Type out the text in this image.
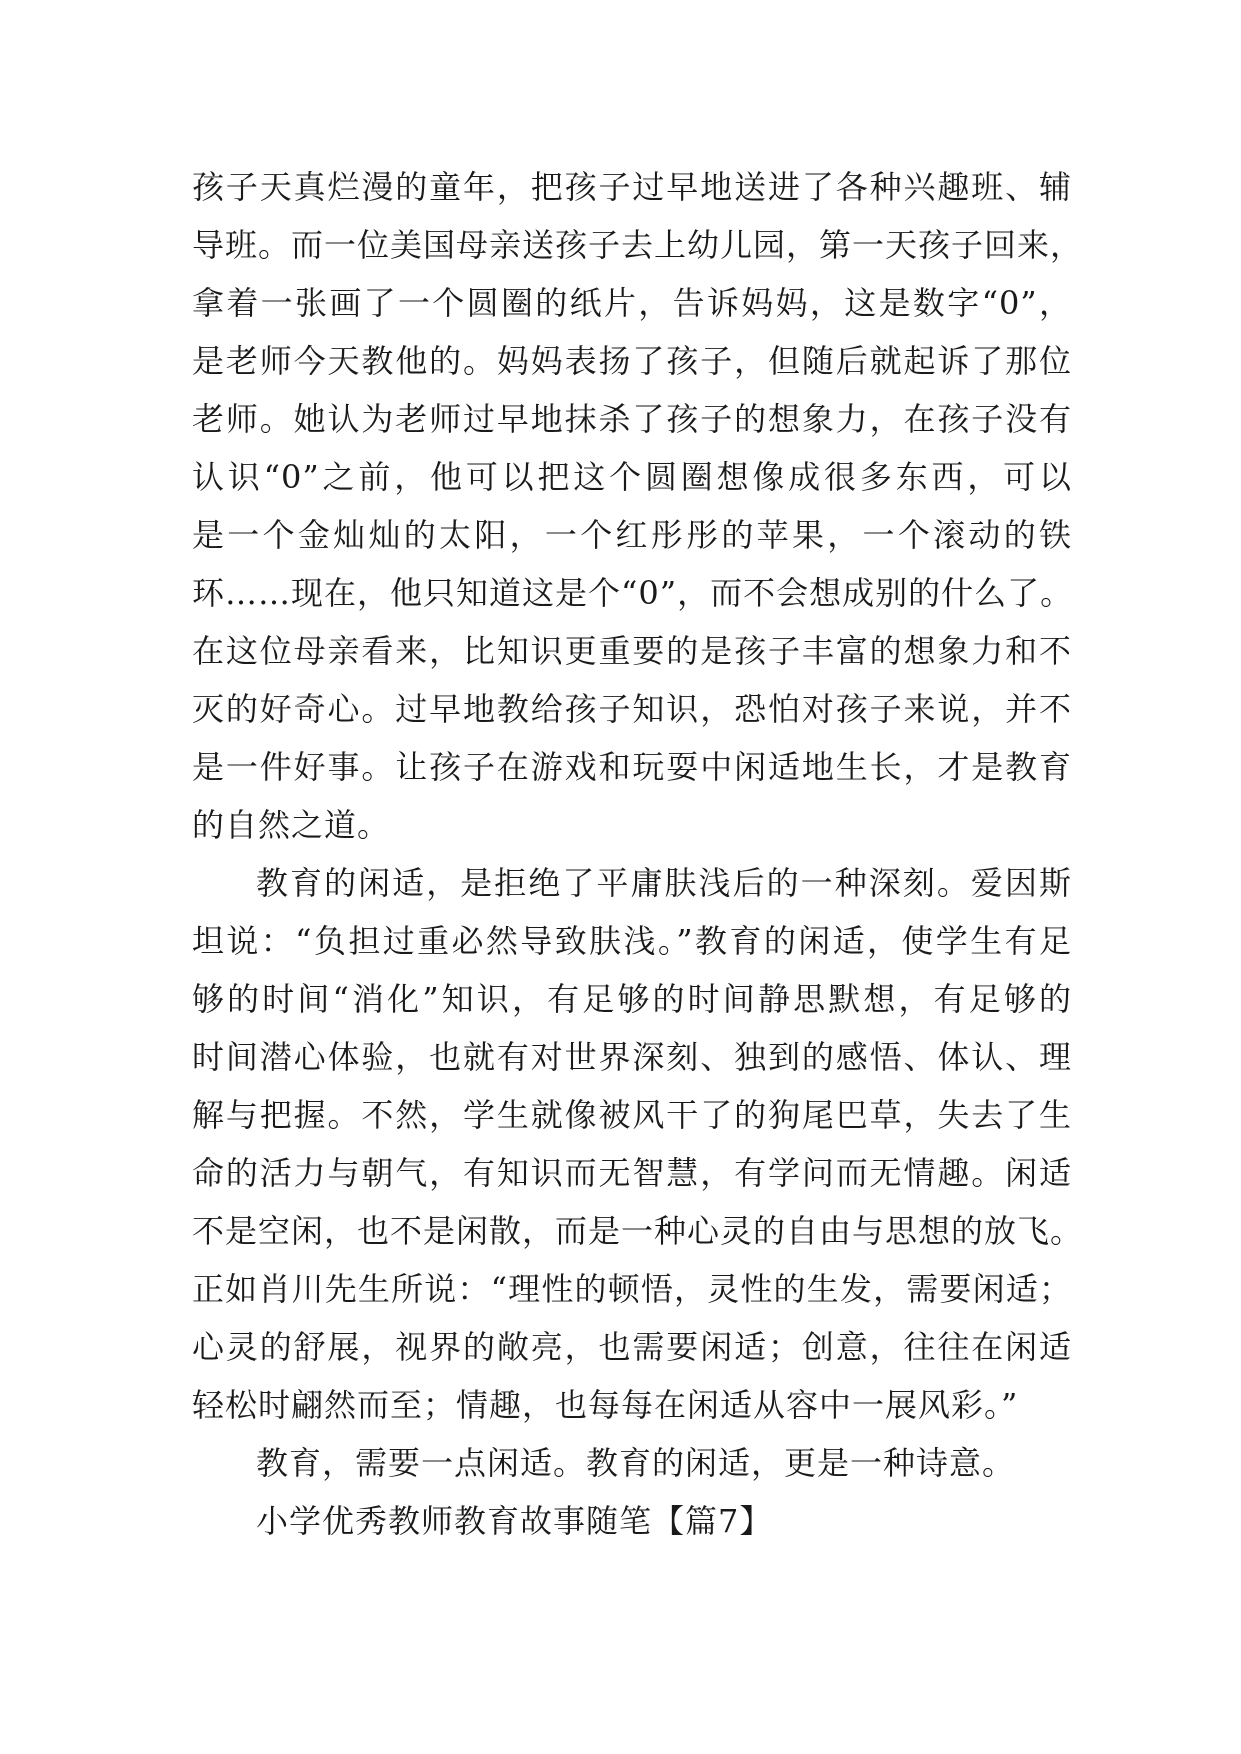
孩子天真烂漫的童年，把孩子过早地送进了各种兴趣班、辅
导班。而一位美国母亲送孩子去上幼儿园，第一天孩子回来，
拿着一张画了一个圆圈的纸片，告诉妈妈，这是数字“0”，
是老师今天教他的。妈妈表扬了孩子，但随后就起诉了那位
老师。她认为老师过早地抹杀了孩子的想象力，在孩子没有
认识“0”之前，他可以把这个圆圈想像成很多东西，可以
是一个金灿灿的太阳，一个红彤彤的苹果，一个滚动的铁
环……现在，他只知道这是个“0”，而不会想成别的什么了。
在这位母亲看来，比知识更重要的是孩子丰富的想象力和不
灭的好奇心。过早地教给孩子知识，恐怕对孩子来说，并不
是一件好事。让孩子在游戏和玩耍中闲适地生长，才是教育
的自然之道。
教育的闲适，是拒绝了平庸肤浅后的一种深刻。爱因斯
坦说：“负担过重必然导致肤浅。”教育的闲适，使学生有足
够的时间“消化”知识，有足够的时间静思默想，有足够的
时间潜心体验，也就有对世界深刻、独到的感悟、体认、理
解与把握。不然，学生就像被风干了的狗尾巴草，失去了生
命的活力与朝气，有知识而无智慧，有学问而无情趣。闲适
不是空闲，也不是闲散，而是一种心灵的自由与思想的放飞。
正如肖川先生所说：“理性的顿悟，灵性的生发，需要闲适；
心灵的舒展，视界的敞亮，也需要闲适；创意，往往在闲适
轻松时翩然而至；情趣，也每每在闲适从容中一展风彩。”
教育，需要一点闲适。教育的闲适，更是一种诗意。
小学优秀教师教育故事随笔【篇7】
